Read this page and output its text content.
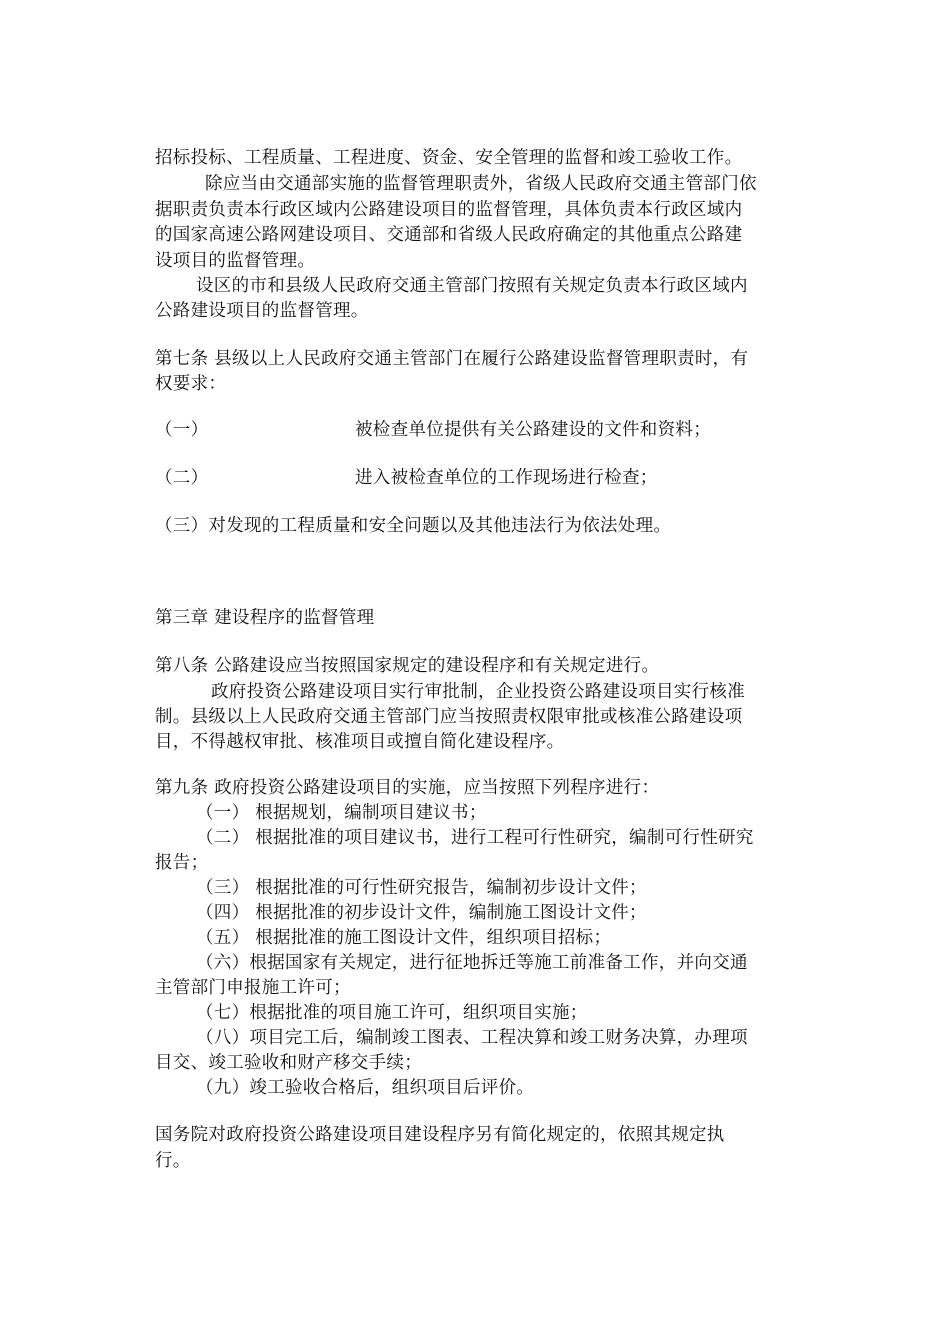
招标投标、工程质量、工程进度、资金、安全管理的监督和竣工验收工作。
除应当由交通部实施的监督管理职责外，省级人民政府交通主管部门依
据职责负责本行政区域内公路建设项目的监督管理，具体负责本行政区域内
的国家高速公路网建设项目、交通部和省级人民政府确定的其他重点公路建
设项目的监督管理。
设区的市和县级人民政府交通主管部门按照有关规定负责本行政区域内
公路建设项目的监督管理。
第七条 县级以上人民政府交通主管部门在履行公路建设监督管理职责时，有
权要求：
（一）	被检查单位提供有关公路建设的文件和资料；
（二）	进入被检查单位的工作现场进行检查；
（三）对发现的工程质量和安全问题以及其他违法行为依法处理。
第三章 建设程序的监督管理
第八条 公路建设应当按照国家规定的建设程序和有关规定进行。
政府投资公路建设项目实行审批制，企业投资公路建设项目实行核准
制。县级以上人民政府交通主管部门应当按照责权限审批或核准公路建设项
目，不得越权审批、核准项目或擅自简化建设程序。
第九条 政府投资公路建设项目的实施，应当按照下列程序进行：
（一） 根据规划，编制项目建议书；
（二） 根据批准的项目建议书，进行工程可行性研究，编制可行性研究
报告；
（三） 根据批准的可行性研究报告，编制初步设计文件；
（四） 根据批准的初步设计文件，编制施工图设计文件；
（五） 根据批准的施工图设计文件，组织项目招标；
（六）根据国家有关规定，进行征地拆迁等施工前准备工作，并向交通
主管部门申报施工许可；
（七）根据批准的项目施工许可，组织项目实施；
（八）项目完工后，编制竣工图表、工程决算和竣工财务决算，办理项
目交、竣工验收和财产移交手续；
（九）竣工验收合格后，组织项目后评价。
国务院对政府投资公路建设项目建设程序另有简化规定的，依照其规定执
行。
